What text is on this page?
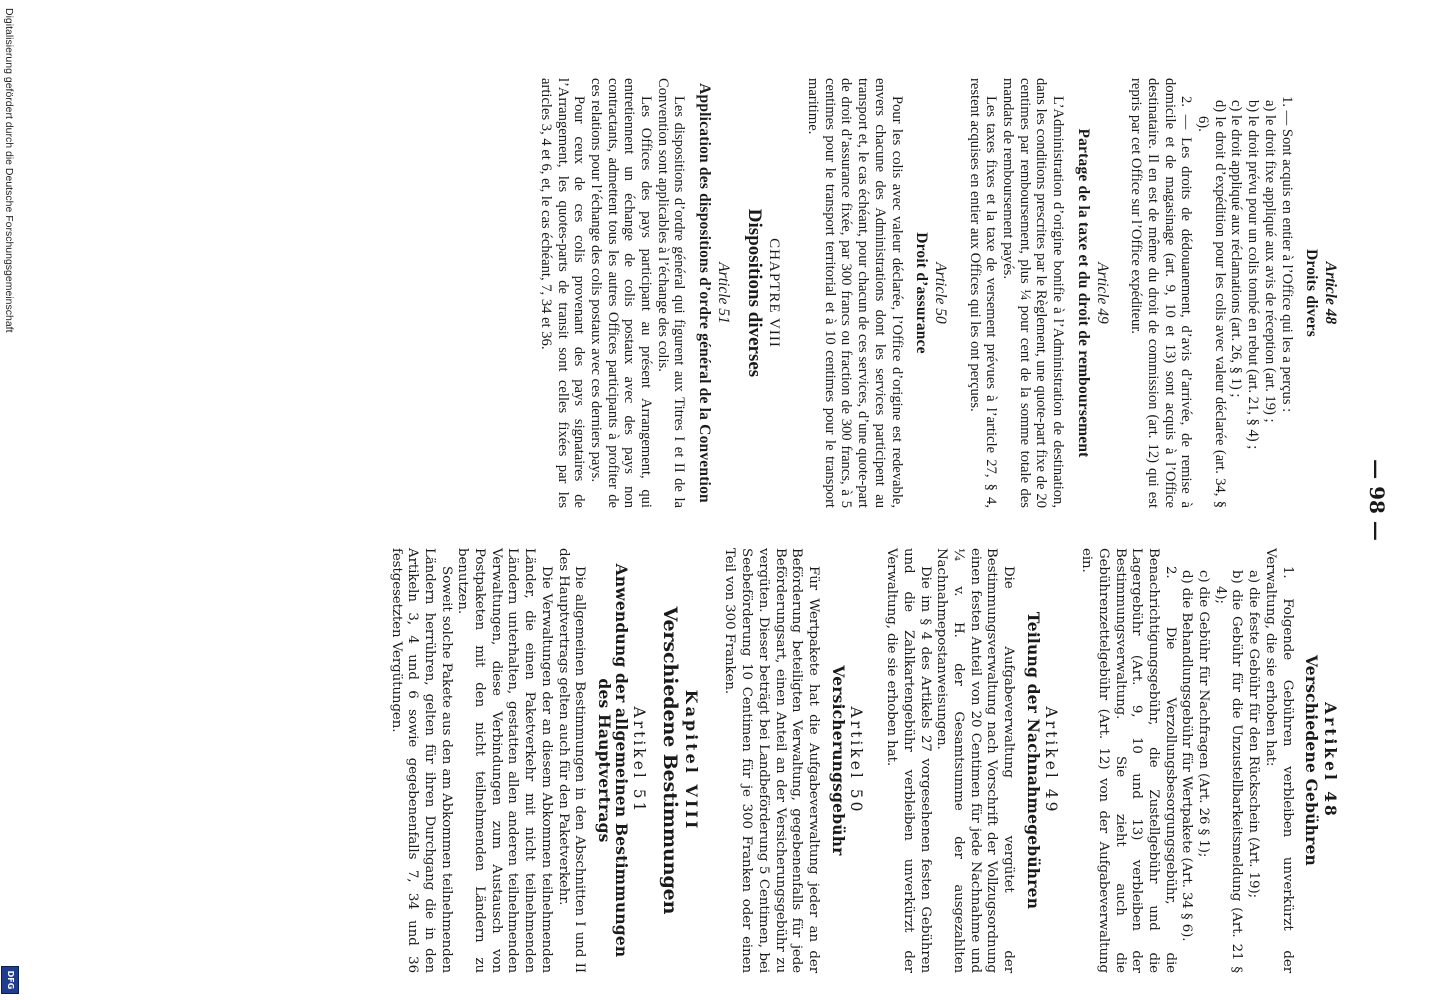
— 98 —
Article 48
Droits divers

1. — Sont acquis en entier à l’Office qui les a perçus :

a) le droit fixe appliqué aux avis de réception (art. 19) ;

b) le droit prévu pour un colis tombé en rebut (art. 21, § 4) ;

c) le droit appliqué aux réclamations (art. 26, § 1) ;

d) le droit d’expédition pour les colis avec valeur déclarée (art. 34, § 6).

2. — Les droits de dédouanement, d’avis d’arrivée, de remise à domicile et de magasinage (art. 9, 10 et 13) sont acquis à l’Office destinataire. Il en est de même du droit de commission (art. 12) qui est repris par cet Office sur l’Office expéditeur.

Article 49
Partage de la taxe et du droit de remboursement

L’Administration d’origine bonifie à l’Administration de destination, dans les conditions prescrites par le Règlement, une quote-part fixe de 20 centimes par remboursement, plus ¼ pour cent de la somme totale des mandats de remboursement payés.

Les taxes fixes et la taxe de versement prévues à l’article 27, § 4, restent acquises en entier aux Offices qui les ont perçues.

Article 50
Droit d’assurance

Pour les colis avec valeur déclarée, l’Office d’origine est redevable, envers chacune des Administrations dont les services participent au transport et, le cas échéant, pour chacun de ces services, d’une quote-part de droit d’assurance fixée, par 300 francs ou fraction de 300 francs, à 5 centimes pour le transport territorial et à 10 centimes pour le transport maritime.

CHAPTRE VIII
Dispositions diverses
Article 51
Application des dispositions d’ordre général de la Convention

Les dispositions d’ordre général qui figurent aux Titres I et II de la Convention sont applicables à l’échange des colis.

Les Offices des pays participant au présent Arrangement, qui entretiennent un échange de colis postaux avec des pays non contractants, admettent tous les autres Offices participants à profiter de ces relations pour l’échange des colis postaux avec ces derniers pays.

Pour ceux de ces colis provenant des pays signataires de l’Arrangement, les quotes-parts de transit sont celles fixées par les articles 3, 4 et 6, et, le cas échéant, 7, 34 et 36.

Artikel 48
Verschiedene Gebühren

1. Folgende Gebühren verbleiben unverkürzt der Verwaltung, die sie erhoben hat:

a) die feste Gebühr für den Rückschein (Art. 19);

b) die Gebühr für die Unzustellbarkeitsmeldung (Art. 21 § 4);

c) die Gebühr für Nachfragen (Art. 26 § 1);

d) die Behandlungsgebühr für Wertpakete (Art. 34 § 6).

2. Die Verzollungsbesorgungsgebühr, die Benachrichtigungsgebühr, die Zustellgebühr und die Lagergebühr (Art. 9, 10 und 13) verbleiben der Bestimmungsverwaltung. Sie zieht auch die Gebührenzettelgebühr (Art. 12) von der Aufgabeverwaltung ein.

Artikel 49
Teilung der Nachnahmegebühren

Die Aufgabeverwaltung vergütet der Bestimmungsverwaltung nach Vorschrift der Vollzugsordnung einen festen Anteil von 20 Centimen für jede Nachnahme und ¼ v. H. der Gesamtsumme der ausgezahlten Nachnahmepostanweisungen.

Die im § 4 des Artikels 27 vorgesehenen festen Gebühren und die Zahlkartengebühr verbleiben unverkürzt der Verwaltung, die sie erhoben hat.

Artikel 50
Versicherungsgebühr

Für Wertpakete hat die Aufgabeverwaltung jeder an der Beförderung beteiligten Verwaltung, gegebenenfalls für jede Beförderungsart, einen Anteil an der Versicherungsgebühr zu vergüten. Dieser beträgt bei Landbeförderung 5 Centimen, bei Seebeförderung 10 Centimen für je 300 Franken oder einen Teil von 300 Franken.

Kapitel VIII
Verschiedene Bestimmungen
Artikel 51
Anwendung der allgemeinen Bestimmungen des Hauptvertrags

Die allgemeinen Bestimmungen in den Abschnitten I und II des Hauptvertrags gelten auch für den Paketverkehr.

Die Verwaltungen der an diesem Abkommen teilnehmenden Länder, die einen Paketverkehr mit nicht teilnehmenden Ländern unterhalten, gestatten allen anderen teilnehmenden Verwaltungen, diese Verbindungen zum Austausch von Postpaketen mit den nicht teilnehmenden Ländern zu benutzen.

Soweit solche Pakete aus den am Abkommen teilnehmenden Ländern herrühren, gelten für ihren Durchgang die in den Artikeln 3, 4 und 6 sowie gegebenenfalls 7, 34 und 36 festgesetzten Vergütungen.

Digitalisierung gefördert durch die Deutsche Forschungsgemeinschaft
DFG
